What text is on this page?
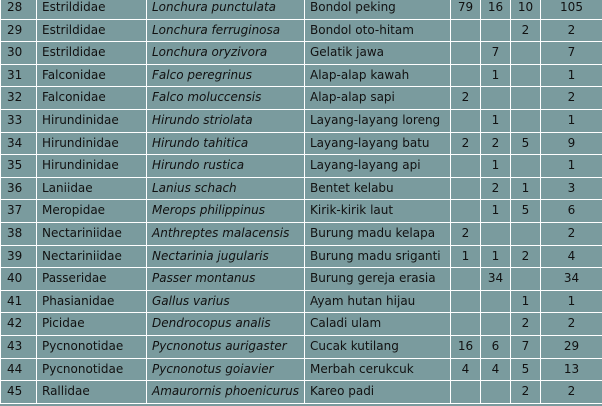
28	Estrildidae	Lonchura punctulata	Bondol peking	79	16	10	105
29	Estrildidae	Lonchura ferruginosa	Bondol oto-hitam			2	2
30	Estrildidae	Lonchura oryzivora	Gelatik jawa		7		7
31	Falconidae	Falco peregrinus	Alap-alap kawah		1		1
32	Falconidae	Falco moluccensis	Alap-alap sapi	2			2
33	Hirundinidae	Hirundo striolata	Layang-layang loreng		1		1
34	Hirundinidae	Hirundo tahitica	Layang-layang batu	2	2	5	9
35	Hirundinidae	Hirundo rustica	Layang-layang api		1		1
36	Laniidae	Lanius schach	Bentet kelabu		2	1	3
37	Meropidae	Merops philippinus	Kirik-kirik laut		1	5	6
38	Nectariniidae	Anthreptes malacensis	Burung madu kelapa	2			2
39	Nectariniidae	Nectarinia jugularis	Burung madu sriganti	1	1	2	4
40	Passeridae	Passer montanus	Burung gereja erasia		34		34
41	Phasianidae	Gallus varius	Ayam hutan hijau			1	1
42	Picidae	Dendrocopus analis	Caladi ulam			2	2
43	Pycnonotidae	Pycnonotus aurigaster	Cucak kutilang	16	6	7	29
44	Pycnonotidae	Pycnonotus goiavier	Merbah cerukcuk	4	4	5	13
45	Rallidae	Amaurornis phoenicurus	Kareo padi			2	2
